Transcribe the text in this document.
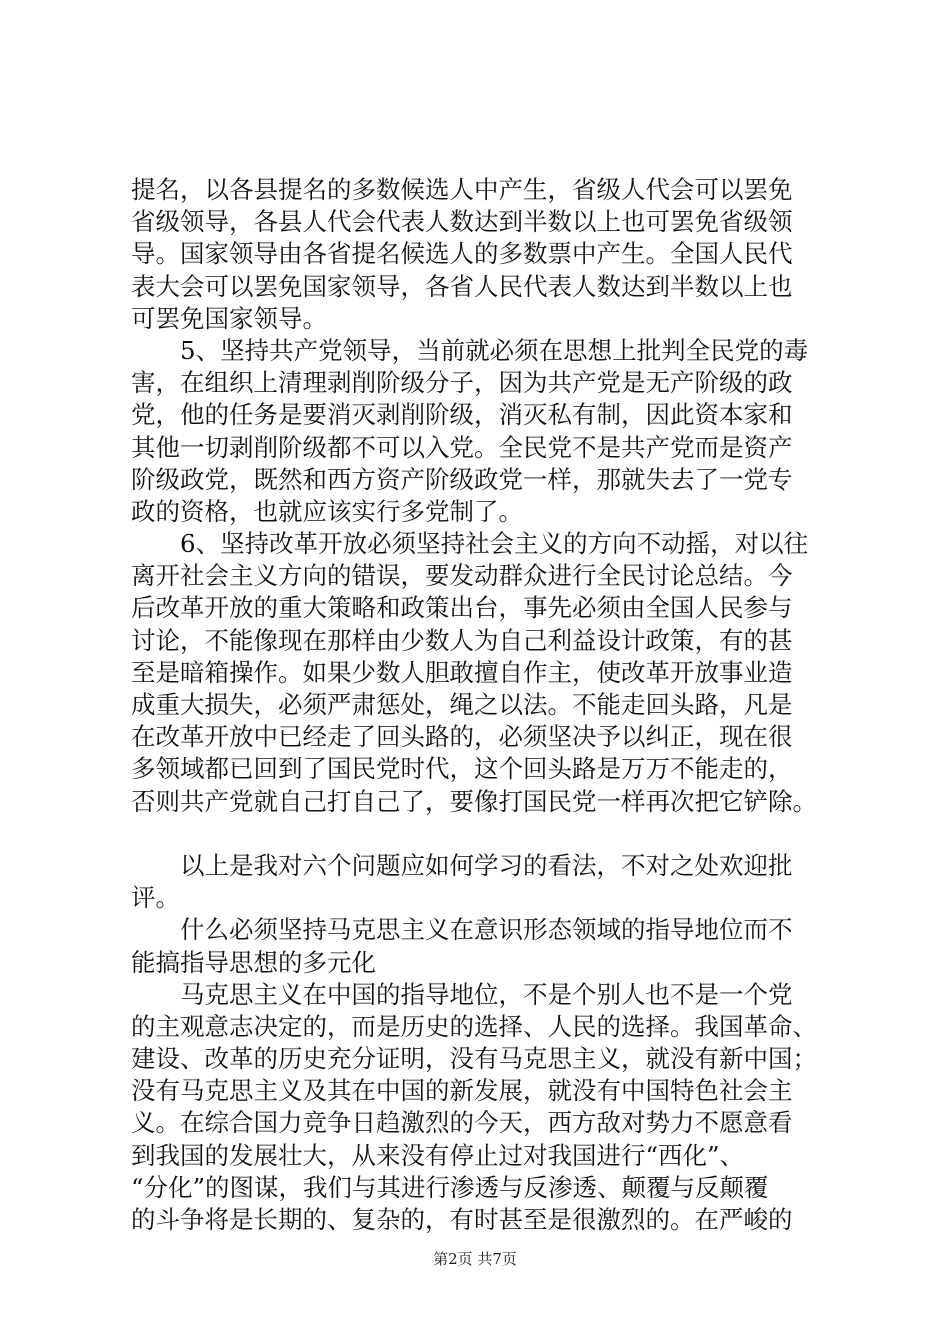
提名，以各县提名的多数候选人中产生，省级人代会可以罢免
省级领导，各县人代会代表人数达到半数以上也可罢免省级领
导。国家领导由各省提名候选人的多数票中产生。全国人民代
表大会可以罢免国家领导，各省人民代表人数达到半数以上也
可罢免国家领导。
5、坚持共产党领导，当前就必须在思想上批判全民党的毒
害，在组织上清理剥削阶级分子，因为共产党是无产阶级的政
党，他的任务是要消灭剥削阶级，消灭私有制，因此资本家和
其他一切剥削阶级都不可以入党。全民党不是共产党而是资产
阶级政党，既然和西方资产阶级政党一样，那就失去了一党专
政的资格，也就应该实行多党制了。
6、坚持改革开放必须坚持社会主义的方向不动摇，对以往
离开社会主义方向的错误，要发动群众进行全民讨论总结。今
后改革开放的重大策略和政策出台，事先必须由全国人民参与
讨论，不能像现在那样由少数人为自己利益设计政策，有的甚
至是暗箱操作。如果少数人胆敢擅自作主，使改革开放事业造
成重大损失，必须严肃惩处，绳之以法。不能走回头路，凡是
在改革开放中已经走了回头路的，必须坚决予以纠正，现在很
多领域都已回到了国民党时代，这个回头路是万万不能走的，
否则共产党就自己打自己了，要像打国民党一样再次把它铲除。
以上是我对六个问题应如何学习的看法，不对之处欢迎批
评。
什么必须坚持马克思主义在意识形态领域的指导地位而不
能搞指导思想的多元化
马克思主义在中国的指导地位，不是个别人也不是一个党
的主观意志决定的，而是历史的选择、人民的选择。我国革命、
建设、改革的历史充分证明，没有马克思主义，就没有新中国；
没有马克思主义及其在中国的新发展，就没有中国特色社会主
义。在综合国力竞争日趋激烈的今天，西方敌对势力不愿意看
到我国的发展壮大，从来没有停止过对我国进行“西化”、
“分化”的图谋，我们与其进行渗透与反渗透、颠覆与反颠覆
的斗争将是长期的、复杂的，有时甚至是很激烈的。在严峻的
第2页 共7页
